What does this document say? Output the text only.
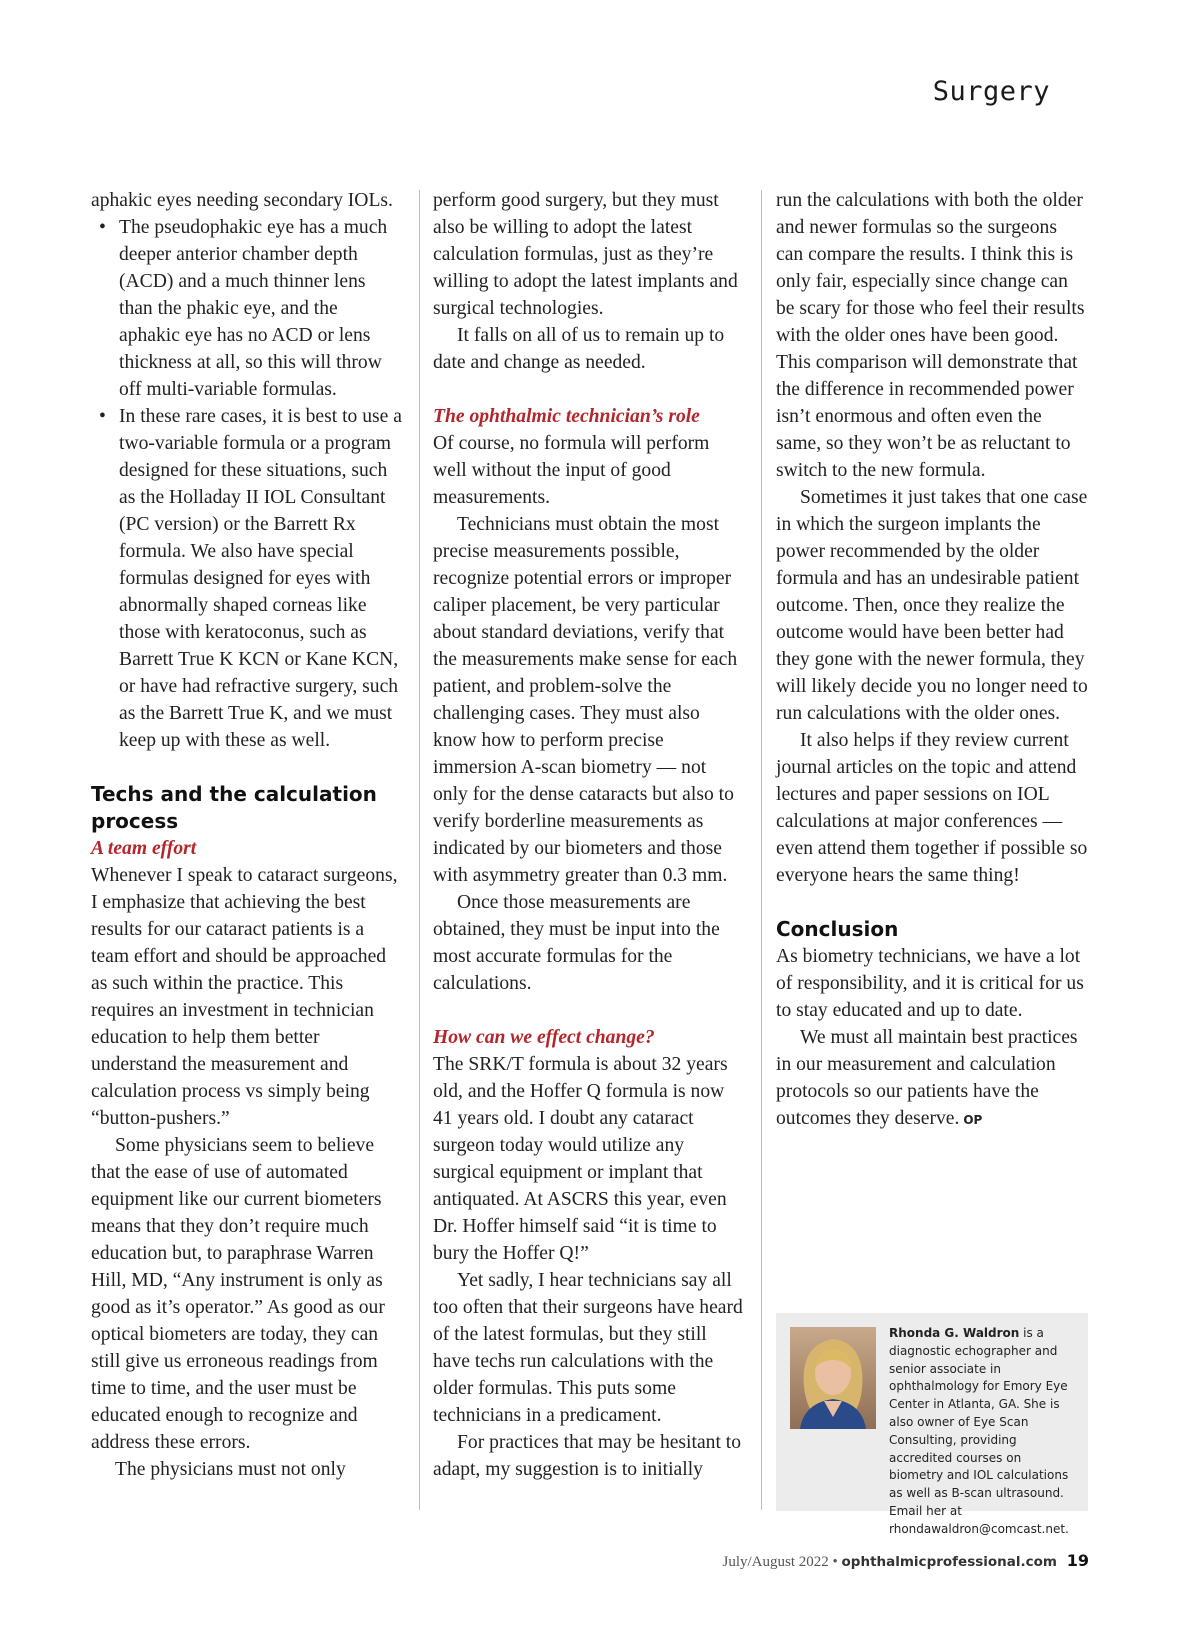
Surgery

aphakic eyes needing secondary IOLs.

• The pseudophakic eye has a much deeper anterior chamber depth (ACD) and a much thinner lens than the phakic eye, and the aphakic eye has no ACD or lens thickness at all, so this will throw off multi-variable formulas.
• In these rare cases, it is best to use a two-variable formula or a program designed for these situations, such as the Holladay II IOL Consultant (PC version) or the Barrett Rx formula. We also have special formulas designed for eyes with abnormally shaped corneas like those with keratoconus, such as Barrett True K KCN or Kane KCN, or have had refractive surgery, such as the Barrett True K, and we must keep up with these as well.
Techs and the calculation process
A team effort

Whenever I speak to cataract surgeons, I emphasize that achieving the best results for our cataract patients is a team effort and should be approached as such within the practice. This requires an investment in technician education to help them better understand the measurement and calculation process vs simply being “button-pushers.”

Some physicians seem to believe that the ease of use of automated equipment like our current biometers means that they don’t require much education but, to paraphrase Warren Hill, MD, “Any instrument is only as good as it’s operator.” As good as our optical biometers are today, they can still give us erroneous readings from time to time, and the user must be educated enough to recognize and address these errors.

The physicians must not only

perform good surgery, but they must also be willing to adopt the latest calculation formulas, just as they’re willing to adopt the latest implants and surgical technologies.

It falls on all of us to remain up to date and change as needed.

The ophthalmic technician’s role

Of course, no formula will perform well without the input of good measurements.

Technicians must obtain the most precise measurements possible, recognize potential errors or improper caliper placement, be very particular about standard deviations, verify that the measurements make sense for each patient, and problem-solve the challenging cases. They must also know how to perform precise immersion A-scan biometry — not only for the dense cataracts but also to verify borderline measurements as indicated by our biometers and those with asymmetry greater than 0.3 mm.

Once those measurements are obtained, they must be input into the most accurate formulas for the calculations.

How can we effect change?

The SRK/T formula is about 32 years old, and the Hoffer Q formula is now 41 years old. I doubt any cataract surgeon today would utilize any surgical equipment or implant that antiquated. At ASCRS this year, even Dr. Hoffer himself said “it is time to bury the Hoffer Q!”

Yet sadly, I hear technicians say all too often that their surgeons have heard of the latest formulas, but they still have techs run calculations with the older formulas. This puts some technicians in a predicament.

For practices that may be hesitant to adapt, my suggestion is to initially

run the calculations with both the older and newer formulas so the surgeons can compare the results. I think this is only fair, especially since change can be scary for those who feel their results with the older ones have been good. This comparison will demonstrate that the difference in recommended power isn’t enormous and often even the same, so they won’t be as reluctant to switch to the new formula.

Sometimes it just takes that one case in which the surgeon implants the power recommended by the older formula and has an undesirable patient outcome. Then, once they realize the outcome would have been better had they gone with the newer formula, they will likely decide you no longer need to run calculations with the older ones.

It also helps if they review current journal articles on the topic and attend lectures and paper sessions on IOL calculations at major conferences — even attend them together if possible so everyone hears the same thing!

Conclusion

As biometry technicians, we have a lot of responsibility, and it is critical for us to stay educated and up to date.

We must all maintain best practices in our measurement and calculation protocols so our patients have the outcomes they deserve. OP

Rhonda G. Waldron is a diagnostic echographer and senior associate in ophthalmology for Emory Eye Center in Atlanta, GA. She is also owner of Eye Scan Consulting, providing accredited courses on biometry and IOL calculations as well as B-scan ultrasound. Email her at rhondawaldron@comcast.net.
July/August 2022 • ophthalmicprofessional.com 19
